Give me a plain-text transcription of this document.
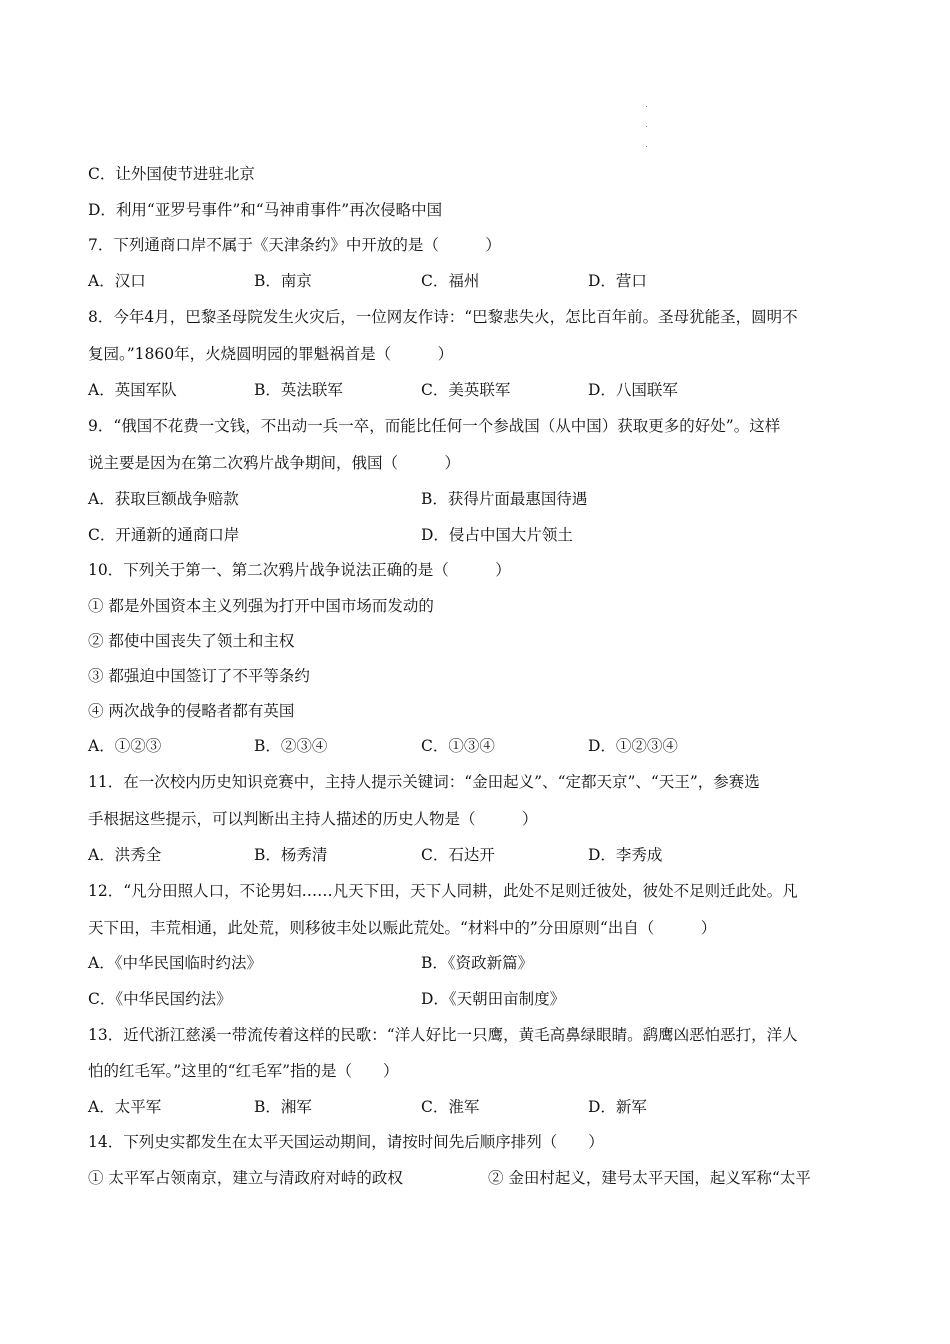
C．让外国使节进驻北京
D．利用“亚罗号事件”和“马神甫事件”再次侵略中国
7．下列通商口岸不属于《天津条约》中开放的是（　　　）
A．汉口	B．南京	C．福州	D．营口
8．今年4月，巴黎圣母院发生火灾后，一位网友作诗：“巴黎悲失火，怎比百年前。圣母犹能圣，圆明不
复园。”1860年，火烧圆明园的罪魁祸首是（　　　）
A．英国军队	B．英法联军	C．美英联军	D．八国联军
9．“俄国不花费一文钱，不出动一兵一卒，而能比任何一个参战国（从中国）获取更多的好处”。这样
说主要是因为在第二次鸦片战争期间，俄国（　　　）
A．获取巨额战争赔款	B．获得片面最惠国待遇
C．开通新的通商口岸	D．侵占中国大片领土
10．下列关于第一、第二次鸦片战争说法正确的是（　　　）
① 都是外国资本主义列强为打开中国市场而发动的
② 都使中国丧失了领土和主权
③ 都强迫中国签订了不平等条约
④ 两次战争的侵略者都有英国
A．①②③	B．②③④	C．①③④	D．①②③④
11．在一次校内历史知识竞赛中，主持人提示关键词：“金田起义”、“定都天京”、“天王”，参赛选
手根据这些提示，可以判断出主持人描述的历史人物是（　　　）
A．洪秀全	B．杨秀清	C．石达开	D．李秀成
12．“凡分田照人口，不论男妇……凡天下田，天下人同耕，此处不足则迁彼处，彼处不足则迁此处。凡
天下田，丰荒相通，此处荒，则移彼丰处以赈此荒处。“材料中的”分田原则“出自（　　　）
A．《中华民国临时约法》	B．《资政新篇》
C．《中华民国约法》	D．《天朝田亩制度》
13．近代浙江慈溪一带流传着这样的民歌：“洋人好比一只鹰，黄毛高鼻绿眼睛。鹞鹰凶恶怕恶打，洋人
怕的红毛军。”这里的“红毛军”指的是（　　）
A．太平军	B．湘军	C．淮军	D．新军
14．下列史实都发生在太平天国运动期间，请按时间先后顺序排列（　　）
① 太平军占领南京，建立与清政府对峙的政权	② 金田村起义，建号太平天国，起义军称“太平
